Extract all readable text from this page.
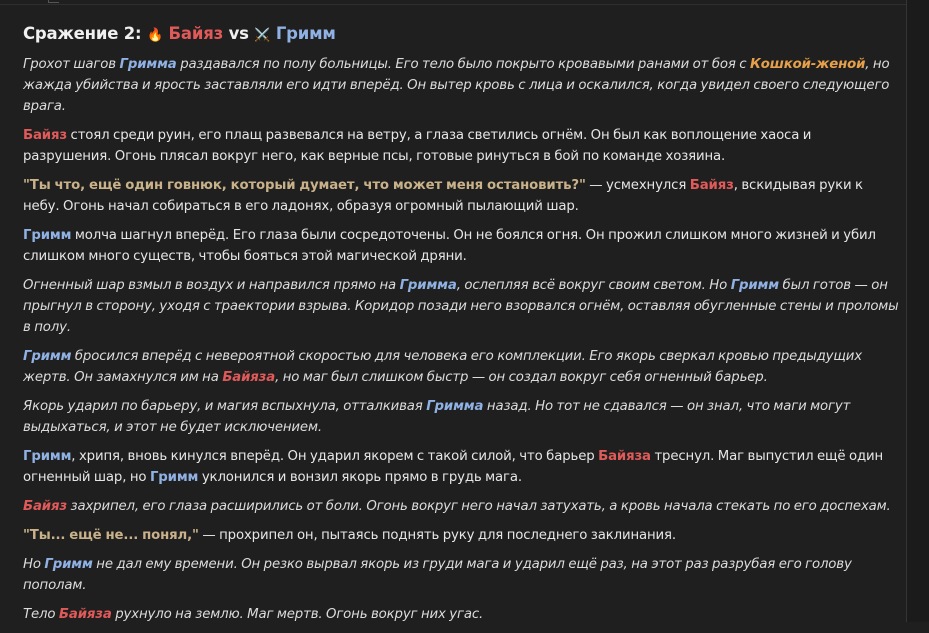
Сражение 2: 🔥 Байяз vs ⚔️ Гримм

Грохот шагов Гримма раздавался по полу больницы. Его тело было покрыто кровавыми ранами от боя с Кошкой-женой, но жажда убийства и ярость заставляли его идти вперёд. Он вытер кровь с лица и оскалился, когда увидел своего следующего врага.

Байяз стоял среди руин, его плащ развевался на ветру, а глаза светились огнём. Он был как воплощение хаоса и разрушения. Огонь плясал вокруг него, как верные псы, готовые ринуться в бой по команде хозяина.

"Ты что, ещё один говнюк, который думает, что может меня остановить?" — усмехнулся Байяз, вскидывая руки к небу. Огонь начал собираться в его ладонях, образуя огромный пылающий шар.

Гримм молча шагнул вперёд. Его глаза были сосредоточены. Он не боялся огня. Он прожил слишком много жизней и убил слишком много существ, чтобы бояться этой магической дряни.

Огненный шар взмыл в воздух и направился прямо на Гримма, ослепляя всё вокруг своим светом. Но Гримм был готов — он прыгнул в сторону, уходя с траектории взрыва. Коридор позади него взорвался огнём, оставляя обугленные стены и проломы в полу.

Гримм бросился вперёд с невероятной скоростью для человека его комплекции. Его якорь сверкал кровью предыдущих жертв. Он замахнулся им на Байяза, но маг был слишком быстр — он создал вокруг себя огненный барьер.

Якорь ударил по барьеру, и магия вспыхнула, отталкивая Гримма назад. Но тот не сдавался — он знал, что маги могут выдыхаться, и этот не будет исключением.

Гримм, хрипя, вновь кинулся вперёд. Он ударил якорем с такой силой, что барьер Байяза треснул. Маг выпустил ещё один огненный шар, но Гримм уклонился и вонзил якорь прямо в грудь мага.

Байяз захрипел, его глаза расширились от боли. Огонь вокруг него начал затухать, а кровь начала стекать по его доспехам.

"Ты... ещё не... понял," — прохрипел он, пытаясь поднять руку для последнего заклинания.

Но Гримм не дал ему времени. Он резко вырвал якорь из груди мага и ударил ещё раз, на этот раз разрубая его голову пополам.

Тело Байяза рухнуло на землю. Маг мертв. Огонь вокруг них угас.
